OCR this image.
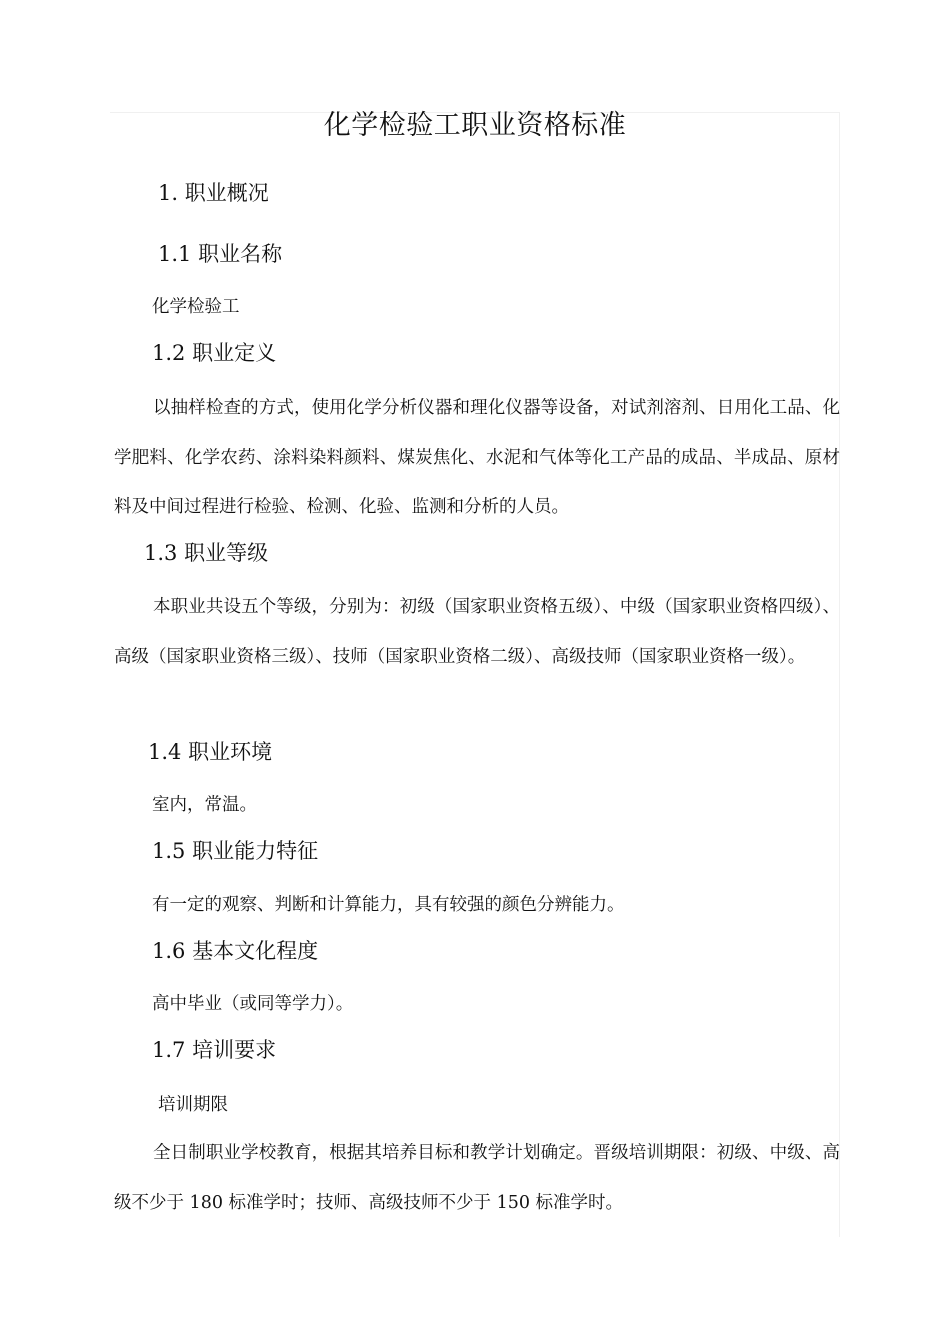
化学检验工职业资格标准
1. 职业概况
1.1 职业名称
化学检验工
1.2 职业定义

以抽样检查的方式，使用化学分析仪器和理化仪器等设备，对试剂溶剂、日用化工品、化学肥料、化学农药、涂料染料颜料、煤炭焦化、水泥和气体等化工产品的成品、半成品、原材料及中间过程进行检验、检测、化验、监测和分析的人员。

1.3 职业等级

本职业共设五个等级，分别为：初级（国家职业资格五级）、中级（国家职业资格四级）、高级（国家职业资格三级）、技师（国家职业资格二级）、高级技师（国家职业资格一级）。

1.4 职业环境
室内，常温。
1.5 职业能力特征
有一定的观察、判断和计算能力，具有较强的颜色分辨能力。
1.6 基本文化程度
高中毕业（或同等学力）。
1.7 培训要求
培训期限

全日制职业学校教育，根据其培养目标和教学计划确定。晋级培训期限：初级、中级、高级不少于 180 标准学时；技师、高级技师不少于 150 标准学时。
